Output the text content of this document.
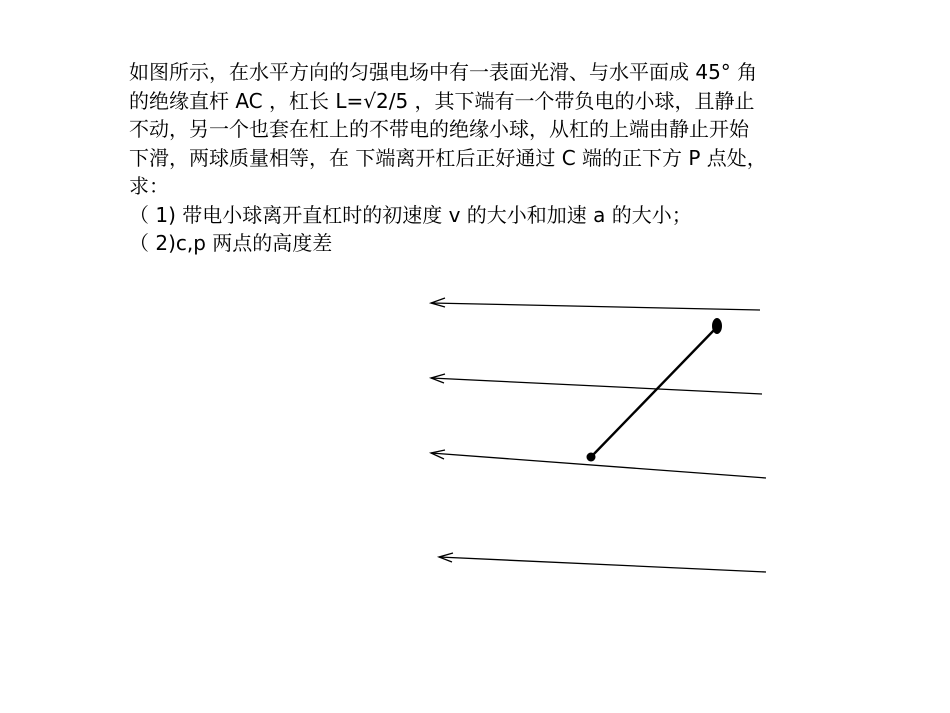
如图所示，在水平方向的匀强电场中有一表面光滑、与水平面成 45° 角

的绝缘直杆 AC ，杠长 L=√2/5 ，其下端有一个带负电的小球，且静止

不动，另一个也套在杠上的不带电的绝缘小球，从杠的上端由静止开始

下滑，两球质量相等，在 下端离开杠后正好通过 C 端的正下方 P 点处，

求：

（ 1) 带电小球离开直杠时的初速度 v 的大小和加速 a 的大小；

（ 2)c,p 两点的高度差
